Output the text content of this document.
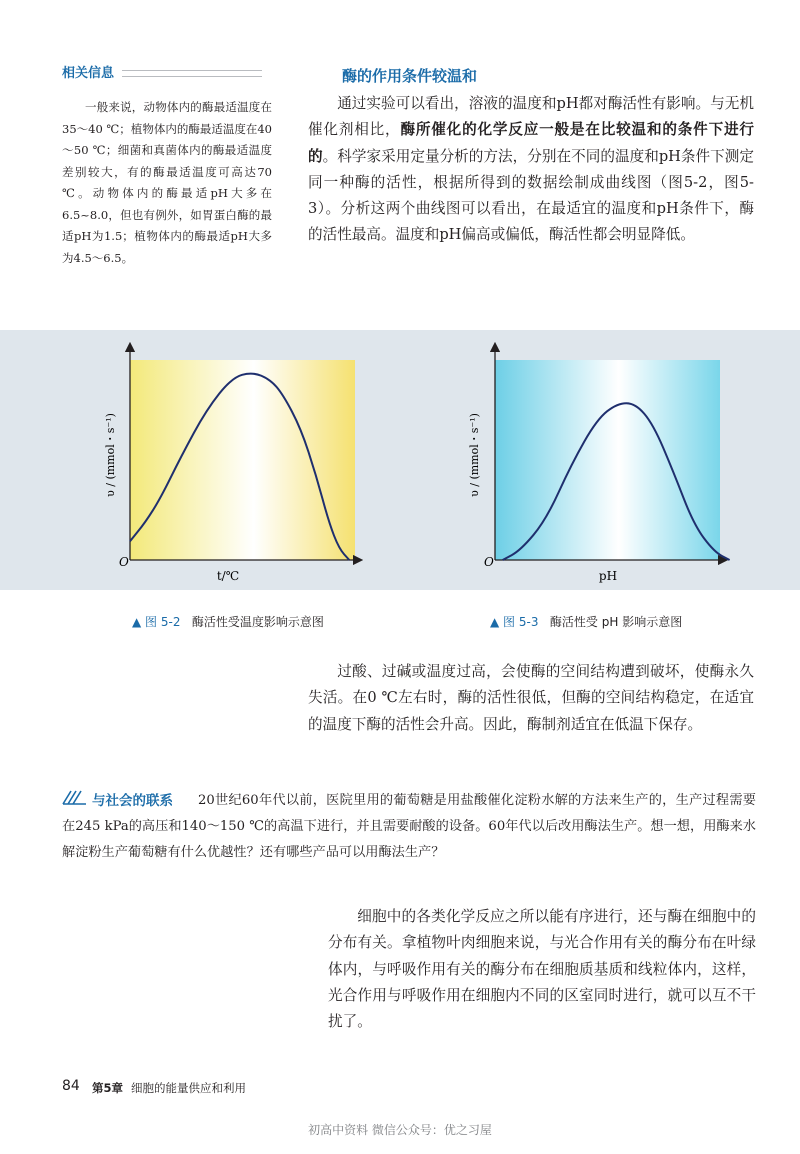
相关信息
一般来说，动物体内的酶最适温度在35～40 ℃；植物体内的酶最适温度在40～50 ℃；细菌和真菌体内的酶最适温度差别较大，有的酶最适温度可高达70 ℃。动物体内的酶最适pH大多在6.5~8.0，但也有例外，如胃蛋白酶的最适pH为1.5；植物体内的酶最适pH大多为4.5～6.5。
酶的作用条件较温和
通过实验可以看出，溶液的温度和pH都对酶活性有影响。与无机催化剂相比，酶所催化的化学反应一般是在比较温和的条件下进行的。科学家采用定量分析的方法，分别在不同的温度和pH条件下测定同一种酶的活性，根据所得到的数据绘制成曲线图（图5-2，图5-3）。分析这两个曲线图可以看出，在最适宜的温度和pH条件下，酶的活性最高。温度和pH偏高或偏低，酶活性都会明显降低。
O
t/℃
υ / (mmol・s⁻¹)
O
pH
υ / (mmol・s⁻¹)
▲ 图 5-2 酶活性受温度影响示意图	▲ 图 5-3 酶活性受 pH 影响示意图
过酸、过碱或温度过高，会使酶的空间结构遭到破坏，使酶永久失活。在0 ℃左右时，酶的活性很低，但酶的空间结构稳定，在适宜的温度下酶的活性会升高。因此，酶制剂适宜在低温下保存。
与社会的联系	20世纪60年代以前，医院里用的葡萄糖是用盐酸催化淀粉水解的方法来生产的，生产过程需要在245 kPa的高压和140～150 ℃的高温下进行，并且需要耐酸的设备。60年代以后改用酶法生产。想一想，用酶来水解淀粉生产葡萄糖有什么优越性？还有哪些产品可以用酶法生产？
细胞中的各类化学反应之所以能有序进行，还与酶在细胞中的分布有关。拿植物叶肉细胞来说，与光合作用有关的酶分布在叶绿体内，与呼吸作用有关的酶分布在细胞质基质和线粒体内，这样，光合作用与呼吸作用在细胞内不同的区室同时进行，就可以互不干扰了。
84 第5章 细胞的能量供应和利用
初高中资料 微信公众号：优之习屋
